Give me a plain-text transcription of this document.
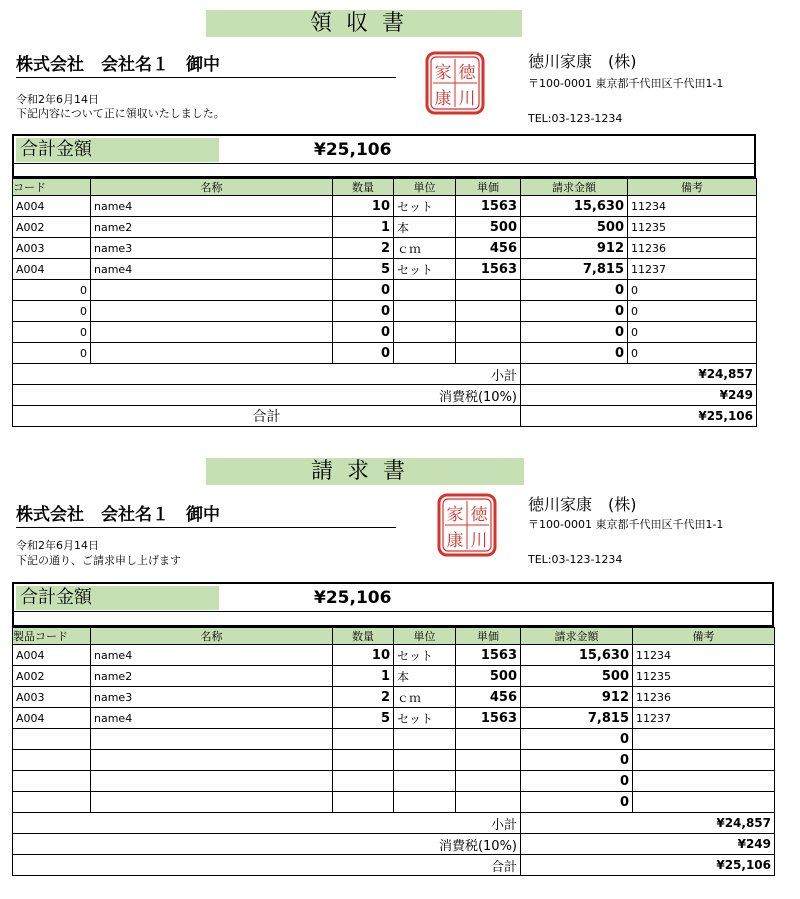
領収書
株式会社　会社名１　御中
令和2年6月14日
下記内容について正に領収いたしました。
家 徳
康 川
徳川家康　(株)
〒100-0001 東京都千代田区千代田1-1
TEL:03-123-1234
合計金額	¥25,106
コード	名称	数量	単位	単価	請求金額	備考
A004	name4	10	セット	1563	15,630	11234
A002	name2	1	本	500	500	11235
A003	name3	2	ｃｍ	456	912	11236
A004	name4	5	セット	1563	7,815	11237
0		0			0	0
0		0			0	0
0		0			0	0
0		0			0	0
小計					¥24,857	
消費税(10%)					¥249	
合計					¥25,106	
請求書
株式会社　会社名１　御中
令和2年6月14日
下記の通り、ご請求申し上げます
家 徳
康 川
徳川家康　(株)
〒100-0001 東京都千代田区千代田1-1
TEL:03-123-1234
合計金額	¥25,106
製品コード	名称	数量	単位	単価	請求金額	備考
A004	name4	10	セット	1563	15,630	11234
A002	name2	1	本	500	500	11235
A003	name3	2	ｃｍ	456	912	11236
A004	name4	5	セット	1563	7,815	11237
					0	
					0	
					0	
					0	
小計					¥24,857	
消費税(10%)					¥249	
合計					¥25,106	
